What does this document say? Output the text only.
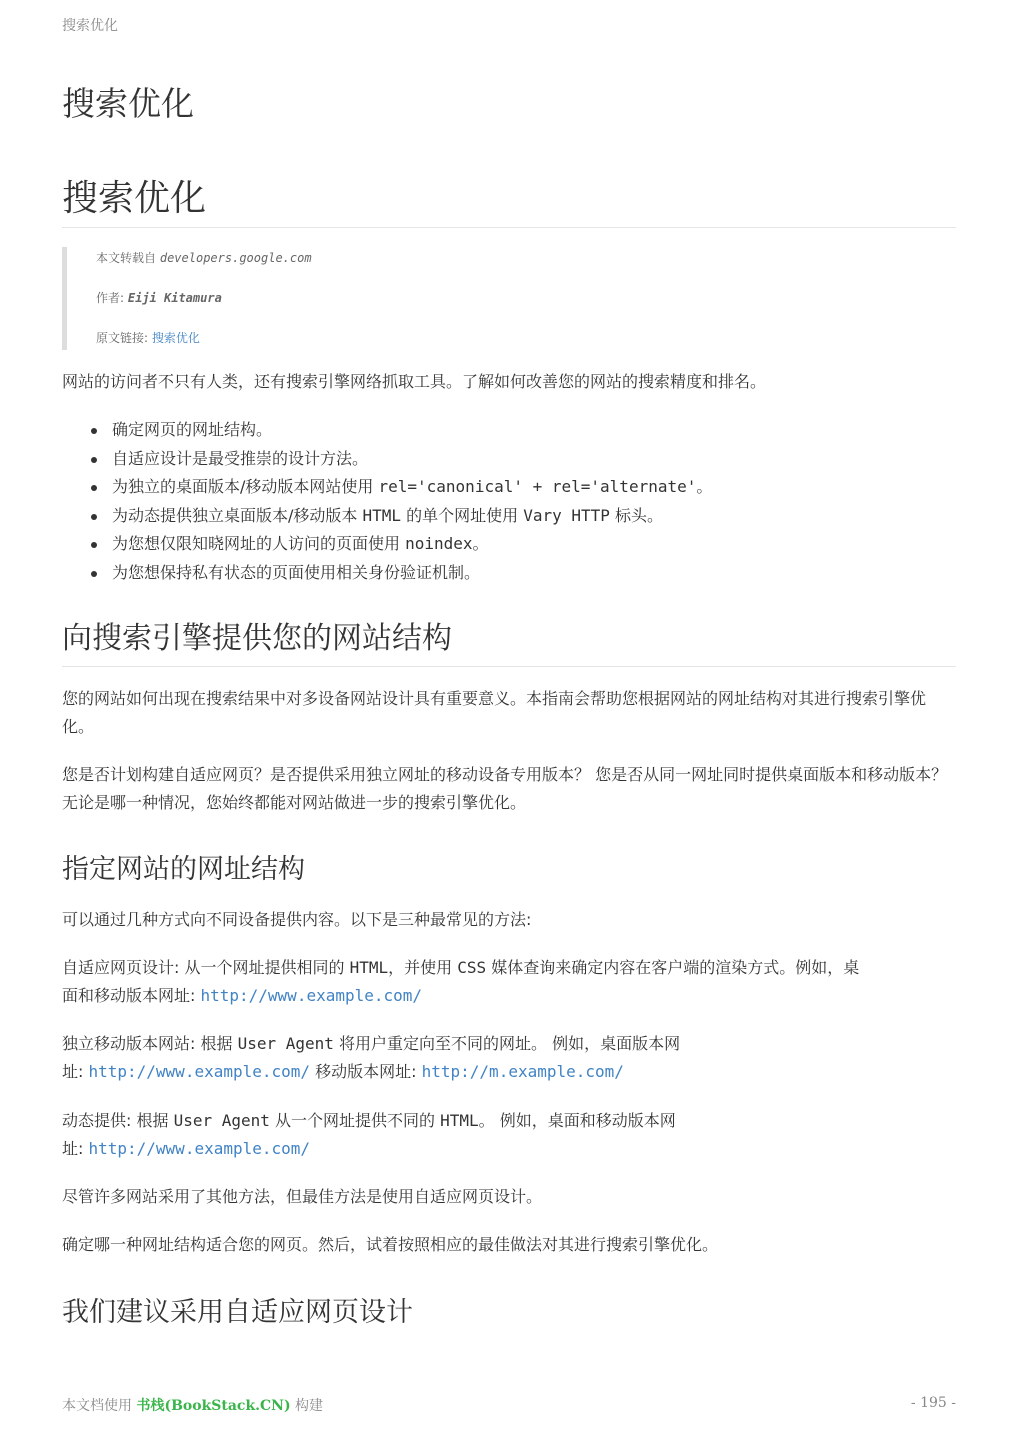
搜索优化
搜索优化
搜索优化
本文转载自 developers.google.com
作者: Eiji Kitamura
原文链接: 搜索优化

网站的访问者不只有人类，还有搜索引擎网络抓取工具。了解如何改善您的网站的搜索精度和排名。

确定网页的网址结构。
自适应设计是最受推崇的设计方法。
为独立的桌面版本/移动版本网站使用 rel='canonical' + rel='alternate'。
为动态提供独立桌面版本/移动版本 HTML 的单个网址使用 Vary HTTP 标头。
为您想仅限知晓网址的人访问的页面使用 noindex。
为您想保持私有状态的页面使用相关身份验证机制。
向搜索引擎提供您的网站结构

您的网站如何出现在搜索结果中对多设备网站设计具有重要意义。本指南会帮助您根据网站的网址结构对其进行搜索引擎优化。

您是否计划构建自适应网页？是否提供采用独立网址的移动设备专用版本？ 您是否从同一网址同时提供桌面版本和移动版本？ 无论是哪一种情况，您始终都能对网站做进一步的搜索引擎优化。

指定网站的网址结构

可以通过几种方式向不同设备提供内容。以下是三种最常见的方法:

自适应网页设计: 从一个网址提供相同的 HTML，并使用 CSS 媒体查询来确定内容在客户端的渲染方式。例如，桌
面和移动版本网址: http://www.example.com/

独立移动版本网站: 根据 User Agent 将用户重定向至不同的网址。 例如，桌面版本网
址: http://www.example.com/ 移动版本网址: http://m.example.com/

动态提供: 根据 User Agent 从一个网址提供不同的 HTML。 例如，桌面和移动版本网
址: http://www.example.com/

尽管许多网站采用了其他方法，但最佳方法是使用自适应网页设计。

确定哪一种网址结构适合您的网页。然后，试着按照相应的最佳做法对其进行搜索引擎优化。

我们建议采用自适应网页设计
本文档使用 书栈(BookStack.CN) 构建	- 195 -
